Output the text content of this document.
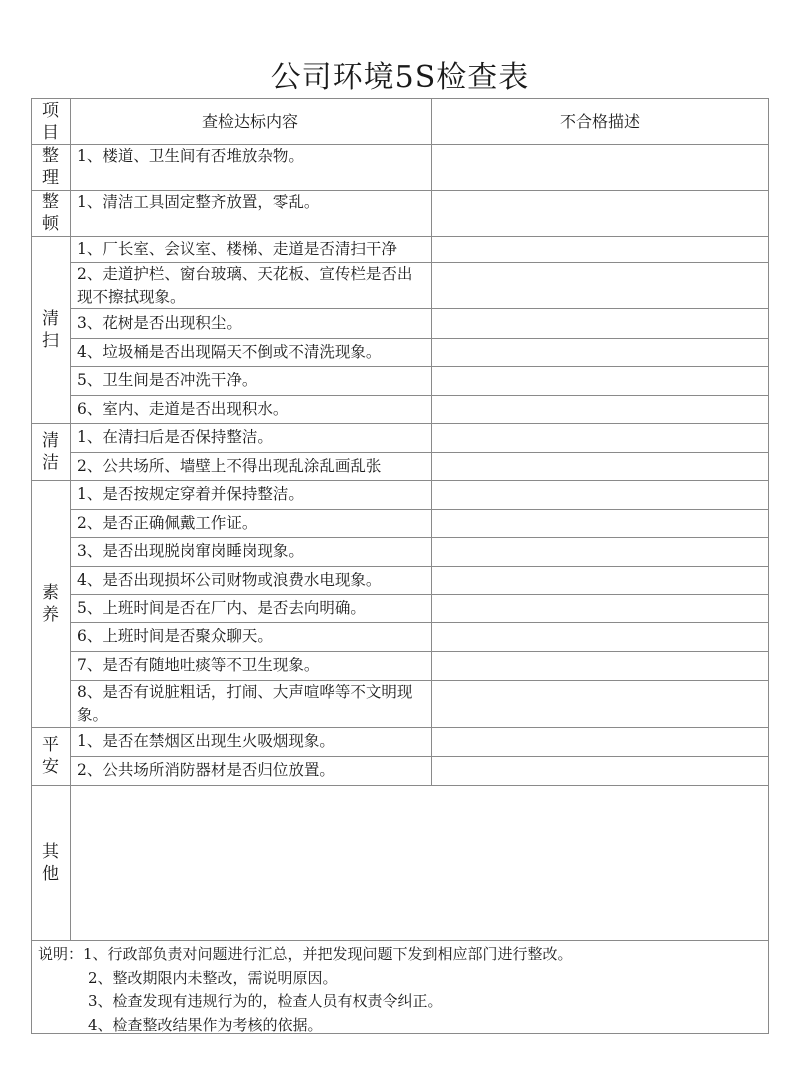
公司环境5S检查表
项目
查检达标内容	不合格描述
整理
1、楼道、卫生间有否堆放杂物。
整顿
1、清洁工具固定整齐放置，零乱。
清扫
1、厂长室、会议室、楼梯、走道是否清扫干净
2、走道护栏、窗台玻璃、天花板、宣传栏是否出现不擦拭现象。
3、花树是否出现积尘。
4、垃圾桶是否出现隔天不倒或不清洗现象。
5、卫生间是否冲洗干净。
6、室内、走道是否出现积水。
清洁
1、在清扫后是否保持整洁。
2、公共场所、墙壁上不得出现乱涂乱画乱张
素养
1、是否按规定穿着并保持整洁。
2、是否正确佩戴工作证。
3、是否出现脱岗窜岗睡岗现象。
4、是否出现损坏公司财物或浪费水电现象。
5、上班时间是否在厂内、是否去向明确。
6、上班时间是否聚众聊天。
7、是否有随地吐痰等不卫生现象。
8、是否有说脏粗话，打闹、大声喧哗等不文明现象。
平安
1、是否在禁烟区出现生火吸烟现象。
2、公共场所消防器材是否归位放置。
其他
说明：1、行政部负责对问题进行汇总，并把发现问题下发到相应部门进行整改。
2、整改期限内未整改，需说明原因。
3、检查发现有违规行为的，检查人员有权责令纠正。
4、检查整改结果作为考核的依据。
